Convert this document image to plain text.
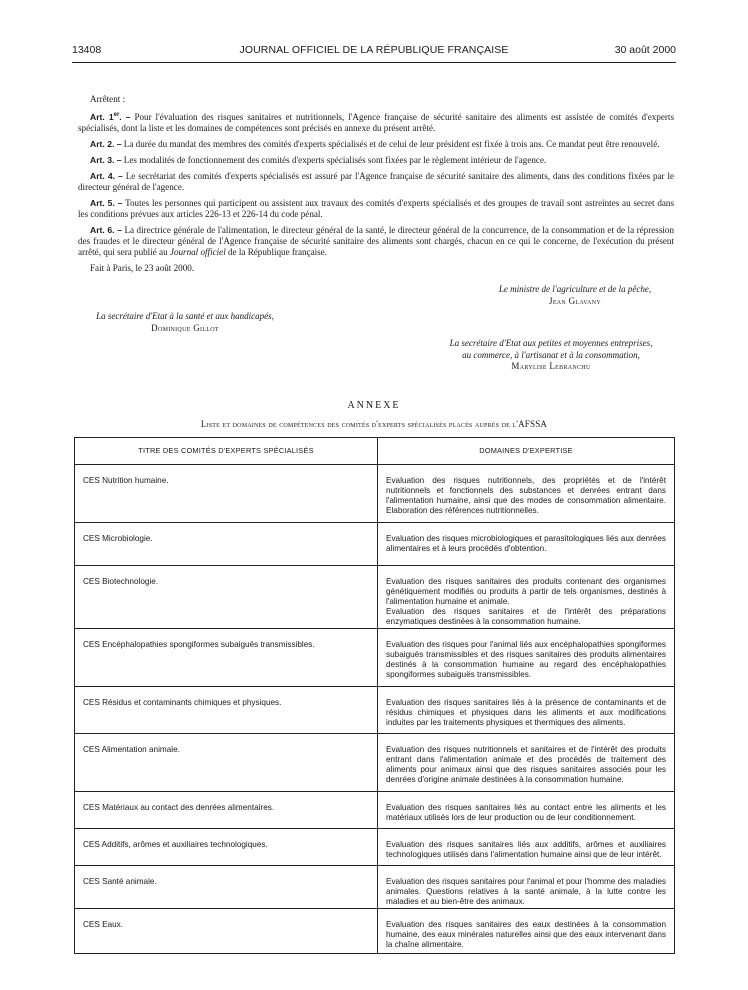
13408	JOURNAL OFFICIEL DE LA RÉPUBLIQUE FRANÇAISE	30 août 2000

Arrêtent :

Art. 1er. – Pour l'évaluation des risques sanitaires et nutritionnels, l'Agence française de sécurité sanitaire des aliments est assistée de comités d'experts spécialisés, dont la liste et les domaines de compétences sont précisés en annexe du présent arrêté.

Art. 2. – La durée du mandat des membres des comités d'experts spécialisés et de celui de leur président est fixée à trois ans. Ce mandat peut être renouvelé.

Art. 3. – Les modalités de fonctionnement des comités d'experts spécialisés sont fixées par le règlement intérieur de l'agence.

Art. 4. – Le secrétariat des comités d'experts spécialisés est assuré par l'Agence française de sécurité sanitaire des aliments, dans des conditions fixées par le directeur général de l'agence.

Art. 5. – Toutes les personnes qui participent ou assistent aux travaux des comités d'experts spécialisés et des groupes de travail sont astreintes au secret dans les conditions prévues aux articles 226-13 et 226-14 du code pénal.

Art. 6. – La directrice générale de l'alimentation, le directeur général de la santé, le directeur général de la concurrence, de la consommation et de la répression des fraudes et le directeur général de l'Agence française de sécurité sanitaire des aliments sont chargés, chacun en ce qui le concerne, de l'exécution du présent arrêté, qui sera publié au Journal officiel de la République française.

Fait à Paris, le 23 août 2000.

Le ministre de l'agriculture et de la pêche,
Jean Glavany
La secrétaire d'Etat à la santé et aux handicapés,
Dominique Gillot
La secrétaire d'Etat aux petites et moyennes entreprises,
au commerce, à l'artisanat et à la consommation,
Marylise Lebranchu
ANNEXE
Liste et domaines de compétences des comités d'experts spécialisés placés auprès de l'AFSSA
TITRE DES COMITÉS D'EXPERTS SPÉCIALISÉS	DOMAINES D'EXPERTISE
CES Nutrition humaine.	Evaluation des risques nutritionnels, des propriétés et de l'intérêt nutritionnels et fonctionnels des substances et denrées entrant dans l'alimentation humaine, ainsi que des modes de consommation alimentaire. Elaboration des références nutritionnelles.

CES Microbiologie.	Evaluation des risques microbiologiques et parasitologiques liés aux denrées alimentaires et à leurs procédés d'obtention.

CES Biotechnologie.	Evaluation des risques sanitaires des produits contenant des organismes génétiquement modifiés ou produits à partir de tels organismes, destinés à l'alimentation humaine et animale.
Evaluation des risques sanitaires et de l'intérêt des préparations enzymatiques destinées à la consommation humaine.

CES Encéphalopathies spongiformes subaiguës transmissibles.	Evaluation des risques pour l'animal liés aux encéphalopathies spongiformes subaiguës transmissibles et des risques sanitaires des produits alimentaires destinés à la consommation humaine au regard des encéphalopathies spongiformes subaiguës transmissibles.

CES Résidus et contaminants chimiques et physiques.	Evaluation des risques sanitaires liés à la présence de contaminants et de résidus chimiques et physiques dans les aliments et aux modifications induites par les traitements physiques et thermiques des aliments.

CES Alimentation animale.	Evaluation des risques nutritionnels et sanitaires et de l'intérêt des produits entrant dans l'alimentation animale et des procédés de traitement des aliments pour animaux ainsi que des risques sanitaires associés pour les denrées d'origine animale destinées à la consommation humaine.

CES Matériaux au contact des denrées alimentaires.	Evaluation des risques sanitaires liés au contact entre les aliments et les matériaux utilisés lors de leur production ou de leur conditionnement.

CES Additifs, arômes et auxiliaires technologiques.	Evaluation des risques sanitaires liés aux additifs, arômes et auxiliaires technologiques utilisés dans l'alimentation humaine ainsi que de leur intérêt.

CES Santé animale.	Evaluation des risques sanitaires pour l'animal et pour l'homme des maladies animales. Questions relatives à la santé animale, à la lutte contre les maladies et au bien-être des animaux.

CES Eaux.	Evaluation des risques sanitaires des eaux destinées à la consommation humaine, des eaux minérales naturelles ainsi que des eaux intervenant dans la chaîne alimentaire.
